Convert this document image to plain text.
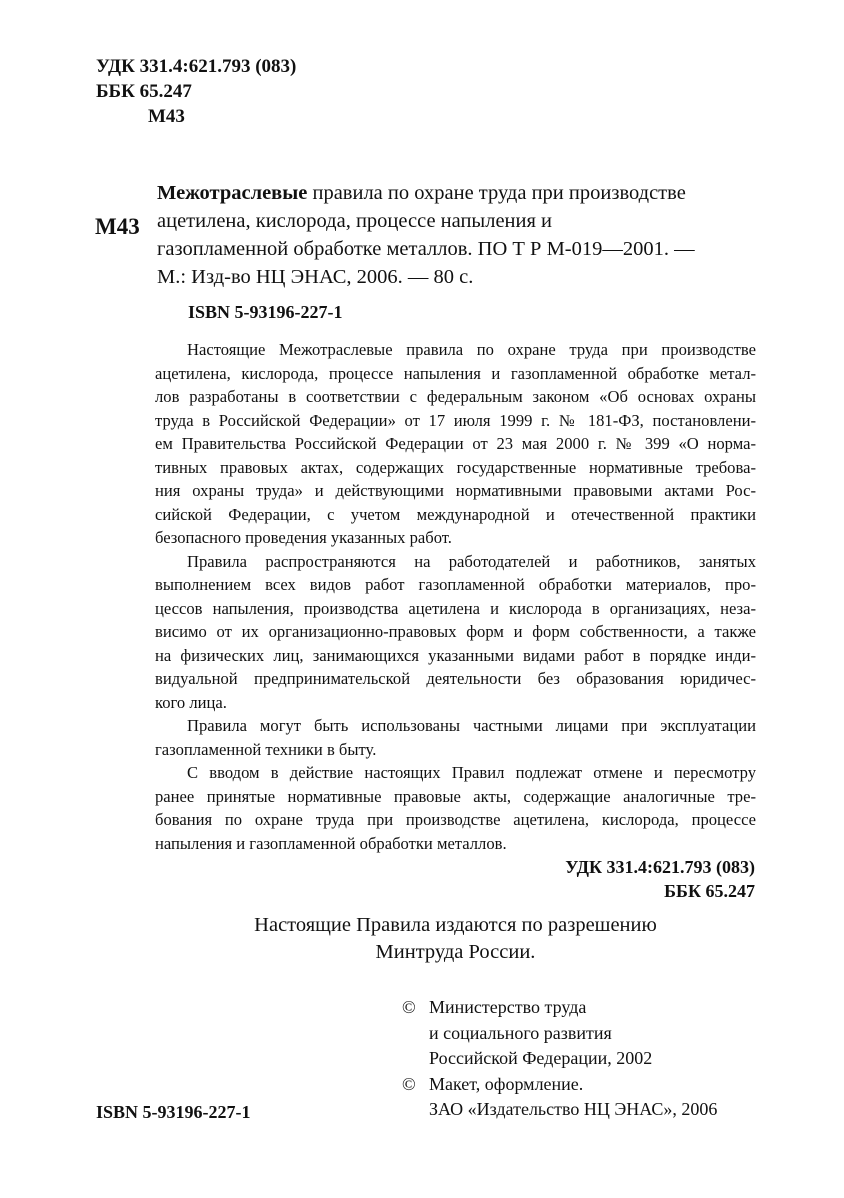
УДК 331.4:621.793 (083)
ББК 65.247
М43
М43
Межотраслевые правила по охране труда при производстве
ацетилена, кислорода, процессе напыления и
газопламенной обработке металлов. ПО Т Р М-019—2001. —
М.: Изд-во НЦ ЭНАС, 2006. — 80 с.
ISBN 5-93196-227-1
Настоящие Межотраслевые правила по охране труда при производстве
ацетилена, кислорода, процессе напыления и газопламенной обработке метал-
лов разработаны в соответствии с федеральным законом «Об основах охраны
труда в Российской Федерации» от 17 июля 1999 г. № 181-ФЗ, постановлени-
ем Правительства Российской Федерации от 23 мая 2000 г. № 399 «О норма-
тивных правовых актах, содержащих государственные нормативные требова-
ния охраны труда» и действующими нормативными правовыми актами Рос-
сийской Федерации, с учетом международной и отечественной практики
безопасного проведения указанных работ.
Правила распространяются на работодателей и работников, занятых
выполнением всех видов работ газопламенной обработки материалов, про-
цессов напыления, производства ацетилена и кислорода в организациях, неза-
висимо от их организационно-правовых форм и форм собственности, а также
на физических лиц, занимающихся указанными видами работ в порядке инди-
видуальной предпринимательской деятельности без образования юридичес-
кого лица.
Правила могут быть использованы частными лицами при эксплуатации
газопламенной техники в быту.
С вводом в действие настоящих Правил подлежат отмене и пересмотру
ранее принятые нормативные правовые акты, содержащие аналогичные тре-
бования по охране труда при производстве ацетилена, кислорода, процессе
напыления и газопламенной обработки металлов.
УДК 331.4:621.793 (083)
ББК 65.247
Настоящие Правила издаются по разрешению
Минтруда России.
© Министерство труда
и социального развития
Российской Федерации, 2002
© Макет, оформление.
ЗАО «Издательство НЦ ЭНАС», 2006
ISBN 5-93196-227-1
